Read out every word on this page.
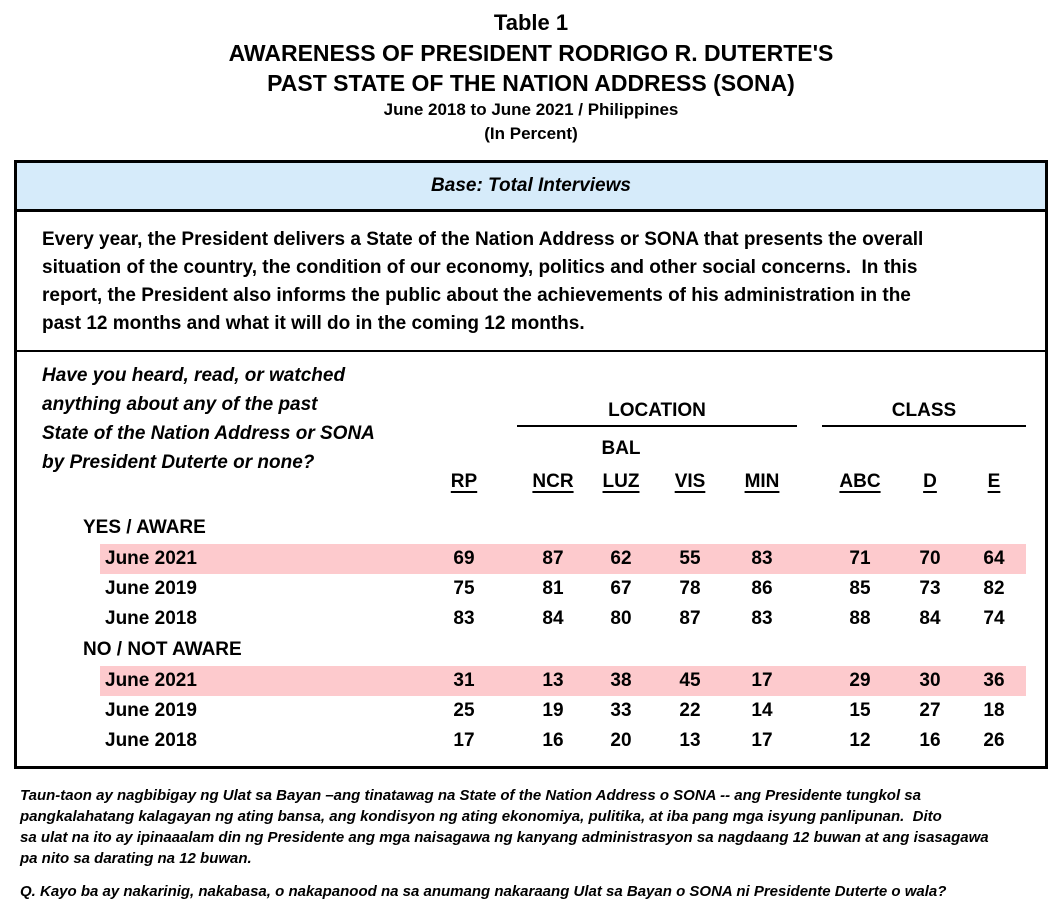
Table 1
AWARENESS OF PRESIDENT RODRIGO R. DUTERTE'S
PAST STATE OF THE NATION ADDRESS (SONA)
June 2018 to June 2021 / Philippines
(In Percent)
Base: Total Interviews
Every year, the President delivers a State of the Nation Address or SONA that presents the overall
situation of the country, the condition of our economy, politics and other social concerns.  In this
report, the President also informs the public about the achievements of his administration in the
past 12 months and what it will do in the coming 12 months.
Have you heard, read, or watched
anything about any of the past
State of the Nation Address or SONA
by President Duterte or none?			LOCATION					CLASS		
				BAL						
	RP		NCR	LUZ	VIS	MIN		ABC	D	E
YES / AWARE										
June 2021	69		87	62	55	83		71	70	64
June 2019	75		81	67	78	86		85	73	82
June 2018	83		84	80	87	83		88	84	74
NO / NOT AWARE										
June 2021	31		13	38	45	17		29	30	36
June 2019	25		19	33	22	14		15	27	18
June 2018	17		16	20	13	17		12	16	26
Taun-taon ay nagbibigay ng Ulat sa Bayan –ang tinatawag na State of the Nation Address o SONA -- ang Presidente tungkol sa
pangkalahatang kalagayan ng ating bansa, ang kondisyon ng ating ekonomiya, pulitika, at iba pang mga isyung panlipunan.  Dito
sa ulat na ito ay ipinaaalam din ng Presidente ang mga naisagawa ng kanyang administrasyon sa nagdaang 12 buwan at ang isasagawa
pa nito sa darating na 12 buwan.
Q. Kayo ba ay nakarinig, nakabasa, o nakapanood na sa anumang nakaraang Ulat sa Bayan o SONA ni Presidente Duterte o wala?
